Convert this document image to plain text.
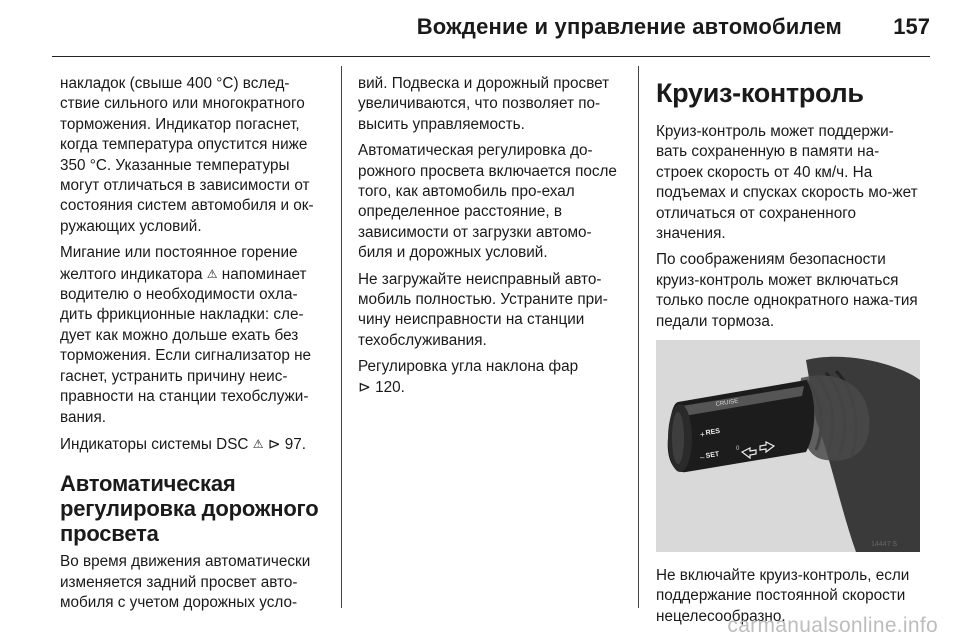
Вождение и управление автомобилем 157

накладок (свыше 400 °C) вслед-ствие сильного или многократного торможения. Индикатор погаснет, когда температура опустится ниже 350 °C. Указанные температуры могут отличаться в зависимости от состояния систем автомобиля и ок-ружающих условий.

Мигание или постоянное горение желтого индикатора ⚠ напоминает водителю о необходимости охла-дить фрикционные накладки: сле-дует как можно дольше ехать без торможения. Если сигнализатор не гаснет, устранить причину неис-правности на станции техобслужи-вания.

Индикаторы системы DSC ⚠ ⊳ 97.

Автоматическая регулировка дорожного просвета

Во время движения автоматически изменяется задний просвет авто-мобиля с учетом дорожных усло-

вий. Подвеска и дорожный просвет увеличиваются, что позволяет по-высить управляемость.

Автоматическая регулировка до-рожного просвета включается после того, как автомобиль про-ехал определенное расстояние, в зависимости от загрузки автомо-биля и дорожных условий.

Не загружайте неисправный авто-мобиль полностью. Устраните при-чину неисправности на станции техобслуживания.

Регулировка угла наклона фар
⊳ 120.

Круиз-контроль

Круиз-контроль может поддержи-вать сохраненную в памяти на-строек скорость от 40 км/ч. На подъемах и спусках скорость мо-жет отличаться от сохраненного значения.

По соображениям безопасности круиз-контроль может включаться только после однократного нажа-тия педали тормоза.

CRUISE
RES
SET
+
–
0
14447 S

Не включайте круиз-контроль, если поддержание постоянной скорости нецелесообразно.

carmanualsonline.info
